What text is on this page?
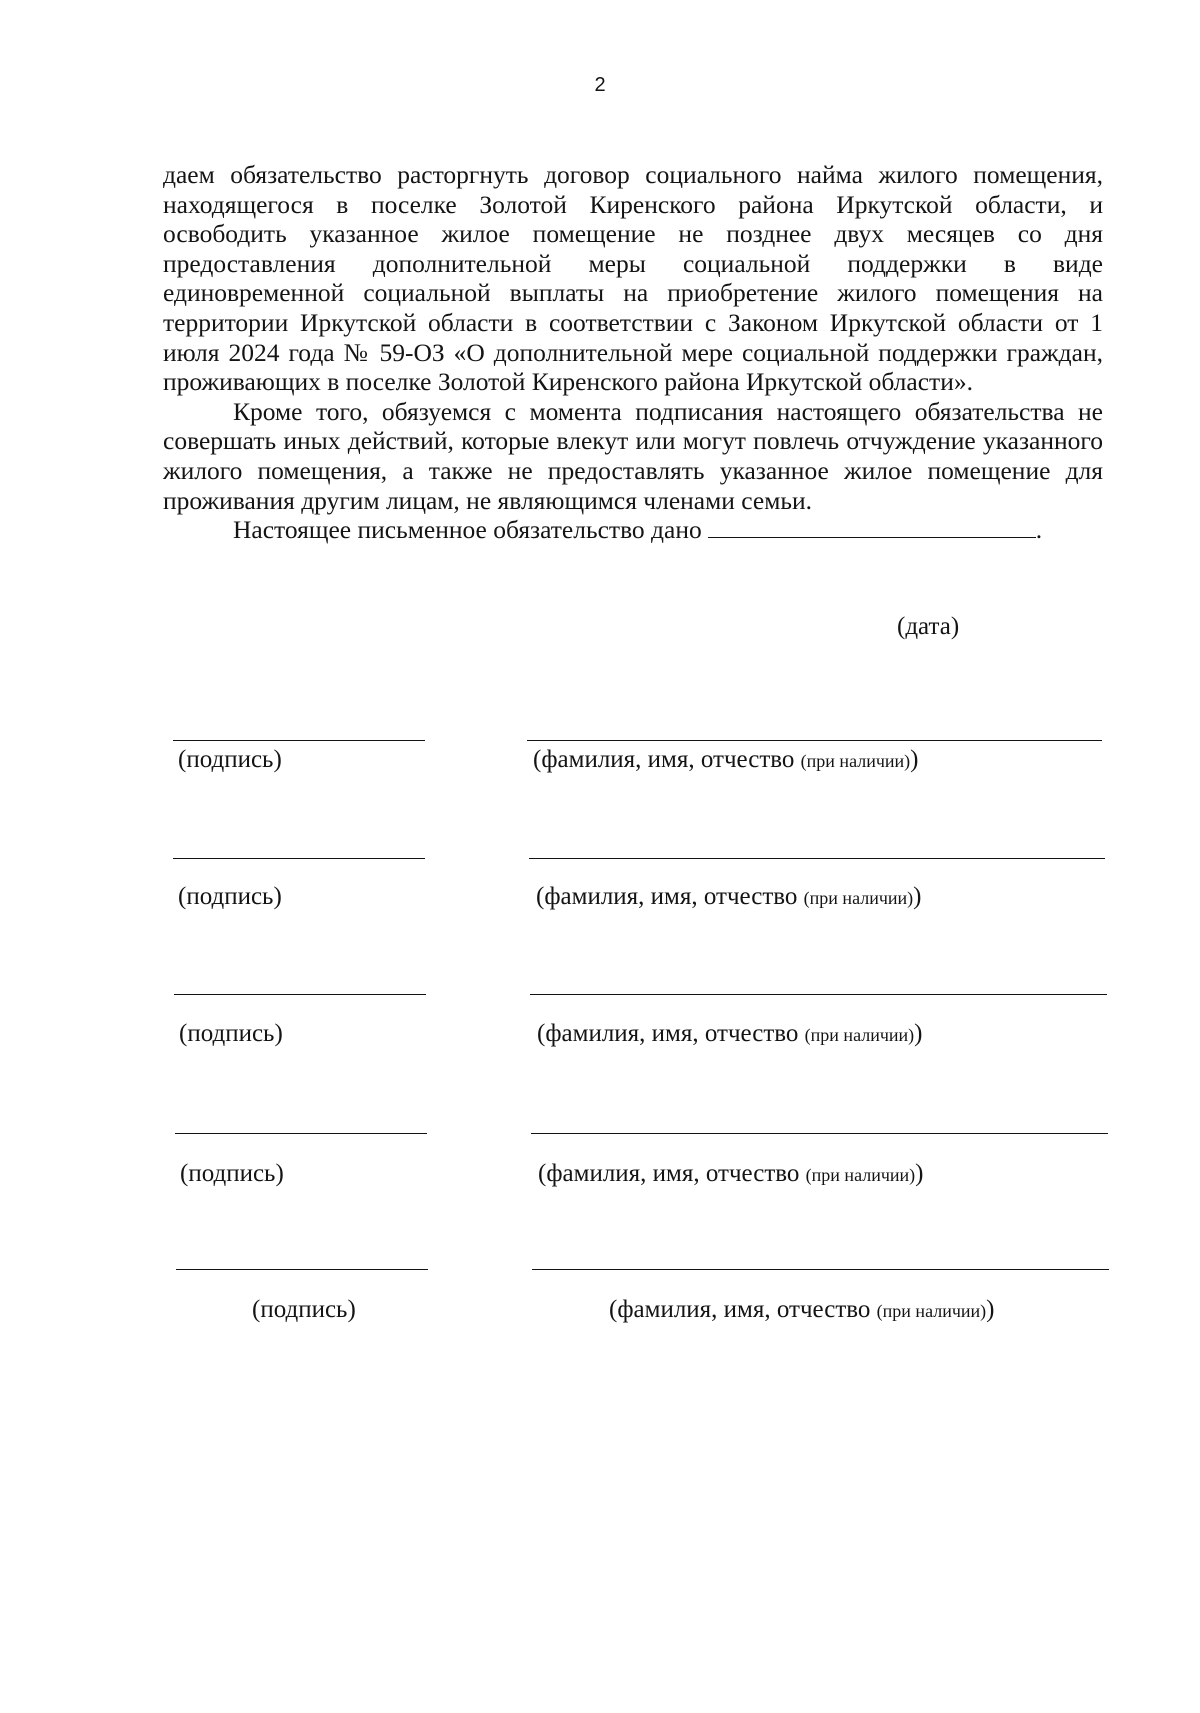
2

даем обязательство расторгнуть договор социального найма жилого помещения, находящегося в поселке Золотой Киренского района Иркутской области, и освободить указанное жилое помещение не позднее двух месяцев со дня предоставления дополнительной меры социальной поддержки в виде единовременной социальной выплаты на приобретение жилого помещения на территории Иркутской области в соответствии с Законом Иркутской области от 1 июля 2024 года № 59-ОЗ «О дополнительной мере социальной поддержки граждан, проживающих в поселке Золотой Киренского района Иркутской области».

Кроме того, обязуемся с момента подписания настоящего обязательства не совершать иных действий, которые влекут или могут повлечь отчуждение указанного жилого помещения, а также не предоставлять указанное жилое помещение для проживания другим лицам, не являющимся членами семьи.

Настоящее письменное обязательство дано	.

(дата)
(подпись)	(фамилия, имя, отчество (при наличии))
(подпись)	(фамилия, имя, отчество (при наличии))
(подпись)	(фамилия, имя, отчество (при наличии))
(подпись)	(фамилия, имя, отчество (при наличии))
(подпись)	(фамилия, имя, отчество (при наличии))
